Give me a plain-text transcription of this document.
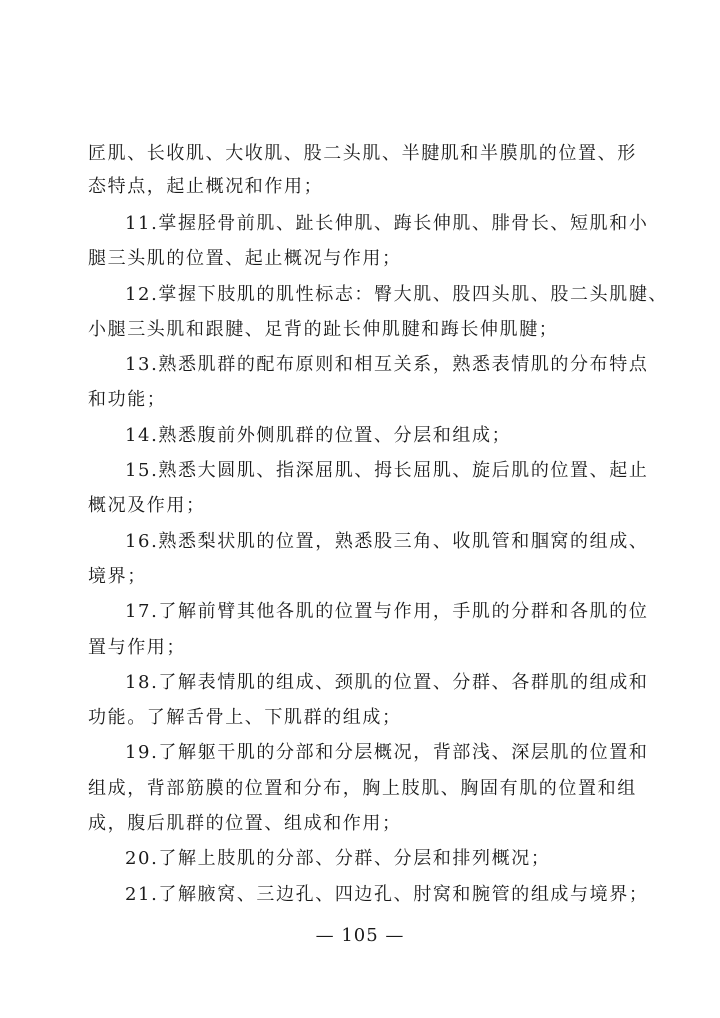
匠肌、长收肌、大收肌、股二头肌、半腱肌和半膜肌的位置、形
态特点，起止概况和作用；
11.掌握胫骨前肌、趾长伸肌、踇长伸肌、腓骨长、短肌和小
腿三头肌的位置、起止概况与作用；
12.掌握下肢肌的肌性标志：臀大肌、股四头肌、股二头肌腱、
小腿三头肌和跟腱、足背的趾长伸肌腱和踇长伸肌腱；
13.熟悉肌群的配布原则和相互关系，熟悉表情肌的分布特点
和功能；
14.熟悉腹前外侧肌群的位置、分层和组成；
15.熟悉大圆肌、指深屈肌、拇长屈肌、旋后肌的位置、起止
概况及作用；
16.熟悉梨状肌的位置，熟悉股三角、收肌管和腘窝的组成、
境界；
17.了解前臂其他各肌的位置与作用，手肌的分群和各肌的位
置与作用；
18.了解表情肌的组成、颈肌的位置、分群、各群肌的组成和
功能。了解舌骨上、下肌群的组成；
19.了解躯干肌的分部和分层概况，背部浅、深层肌的位置和
组成，背部筋膜的位置和分布，胸上肢肌、胸固有肌的位置和组
成，腹后肌群的位置、组成和作用；
20.了解上肢肌的分部、分群、分层和排列概况；
21.了解腋窝、三边孔、四边孔、肘窝和腕管的组成与境界；
— 105 —
